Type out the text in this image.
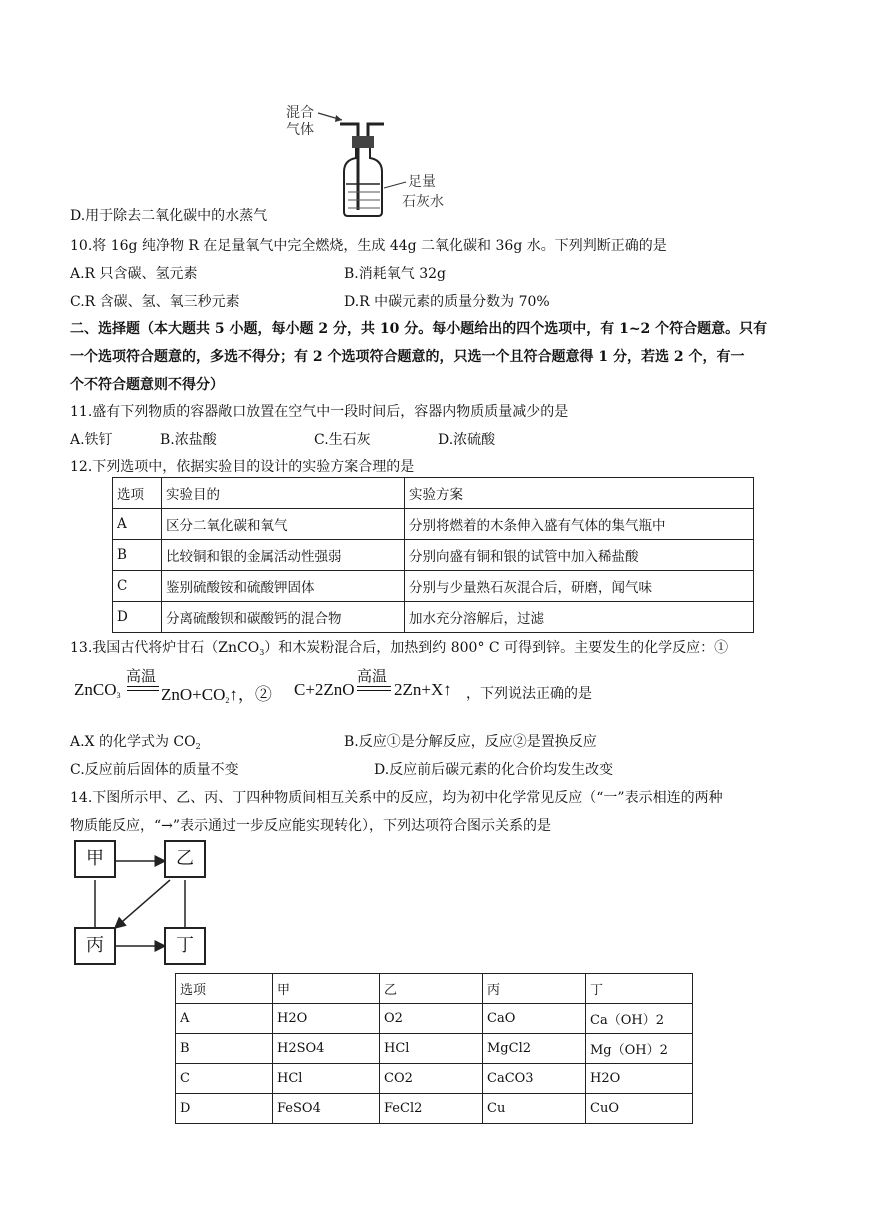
混合
气体
足量
石灰水
D.用于除去二氧化碳中的水蒸气
10.将 16g 纯净物 R 在足量氧气中完全燃烧，生成 44g 二氧化碳和 36g 水。下列判断正确的是
A.R 只含碳、氢元素	B.消耗氧气 32g
C.R 含碳、氢、氧三秒元素	D.R 中碳元素的质量分数为 70%
二、选择题（本大题共 5 小题，每小题 2 分，共 10 分。每小题给出的四个选项中，有 1~2 个符合题意。只有
一个选项符合题意的，多选不得分；有 2 个选项符合题意的，只选一个且符合题意得 1 分，若选 2 个，有一
个不符合题意则不得分）
11.盛有下列物质的容器敞口放置在空气中一段时间后，容器内物质质量减少的是
A.铁钉	B.浓盐酸	C.生石灰	D.浓硫酸
12.下列选项中，依据实验目的设计的实验方案合理的是
选项	实验目的	实验方案
A	区分二氧化碳和氧气	分别将燃着的木条伸入盛有气体的集气瓶中
B	比较铜和银的金属活动性强弱	分别向盛有铜和银的试管中加入稀盐酸
C	鉴别硫酸铵和硫酸钾固体	分别与少量熟石灰混合后，研磨，闻气味
D	分离硫酸钡和碳酸钙的混合物	加水充分溶解后，过滤
13.我国古代将炉甘石（ZnCO$_3$）和木炭粉混合后，加热到约 800° C 可得到锌。主要发生的化学反应：①
高温
ZnCO$_3$ $ZnO+CO_2↑$，②
高温
C+2ZnO 2Zn+X↑ ，下列说法正确的是
A.X 的化学式为 $CO_2$	B.反应①是分解反应，反应②是置换反应
C.反应前后固体的质量不变	D.反应前后碳元素的化合价均发生改变
14.下图所示甲、乙、丙、丁四种物质间相互关系中的反应，均为初中化学常见反应（“一”表示相连的两种
物质能反应，“→”表示通过一步反应能实现转化），下列达项符合图示关系的是
甲	乙
丙	丁
选项	甲	乙	丙	丁
A	H2O	O2	CaO	Ca（OH）2
B	H2SO4	HCl	MgCl2	Mg（OH）2
C	HCl	CO2	CaCO3	H2O
D	FeSO4	FeCl2	Cu	CuO
